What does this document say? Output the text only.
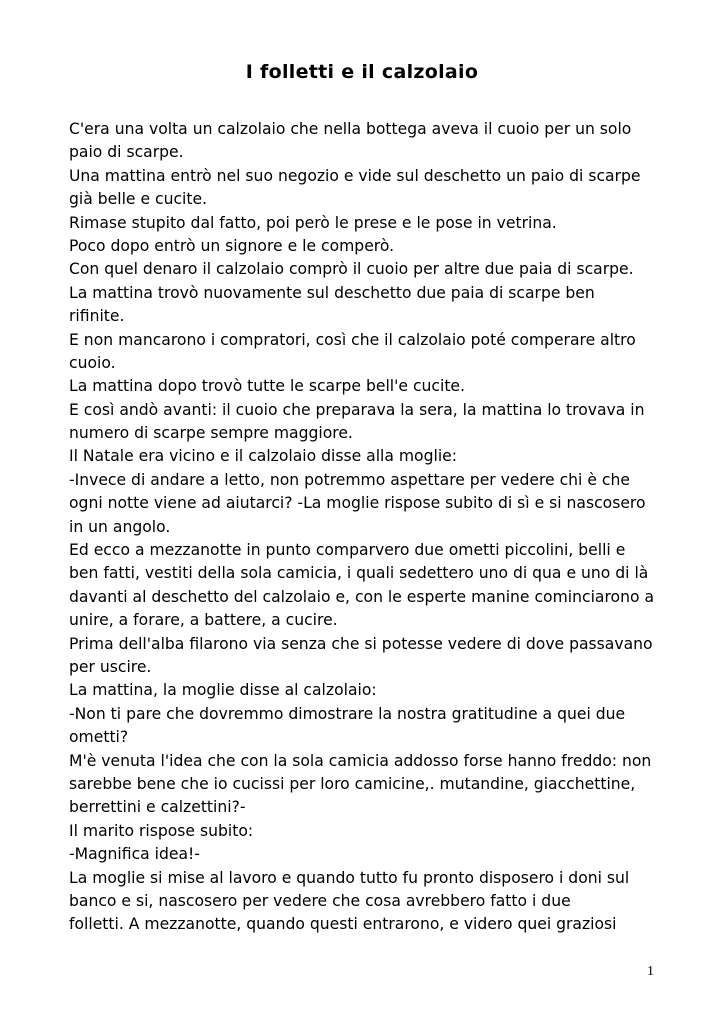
I folletti e il calzolaio
C'era una volta un calzolaio che nella bottega aveva il cuoio per un solo
paio di scarpe.
Una mattina entrò nel suo negozio e vide sul deschetto un paio di scarpe
già belle e cucite.
Rimase stupito dal fatto, poi però le prese e le pose in vetrina.
Poco dopo entrò un signore e le comperò.
Con quel denaro il calzolaio comprò il cuoio per altre due paia di scarpe.
La mattina trovò nuovamente sul deschetto due paia di scarpe ben
rifinite.
E non mancarono i compratori, così che il calzolaio poté comperare altro
cuoio.
La mattina dopo trovò tutte le scarpe bell'e cucite.
E così andò avanti: il cuoio che preparava la sera, la mattina lo trovava in
numero di scarpe sempre maggiore.
Il Natale era vicino e il calzolaio disse alla moglie:
-Invece di andare a letto, non potremmo aspettare per vedere chi è che
ogni notte viene ad aiutarci? -La moglie rispose subito di sì e si nascosero
in un angolo.
Ed ecco a mezzanotte in punto comparvero due ometti piccolini, belli e
ben fatti, vestiti della sola camicia, i quali sedettero uno di qua e uno di là
davanti al deschetto del calzolaio e, con le esperte manine cominciarono a
unire, a forare, a battere, a cucire.
Prima dell'alba filarono via senza che si potesse vedere di dove passavano
per uscire.
La mattina, la moglie disse al calzolaio:
-Non ti pare che dovremmo dimostrare la nostra gratitudine a quei due
ometti?
M'è venuta l'idea che con la sola camicia addosso forse hanno freddo: non
sarebbe bene che io cucissi per loro camicine,. mutandine, giacchettine,
berrettini e calzettini?-
Il marito rispose subito:
-Magnifica idea!-
La moglie si mise al lavoro e quando tutto fu pronto disposero i doni sul
banco e si, nascosero per vedere che cosa avrebbero fatto i due
folletti. A mezzanotte, quando questi entrarono, e videro quei graziosi
1
